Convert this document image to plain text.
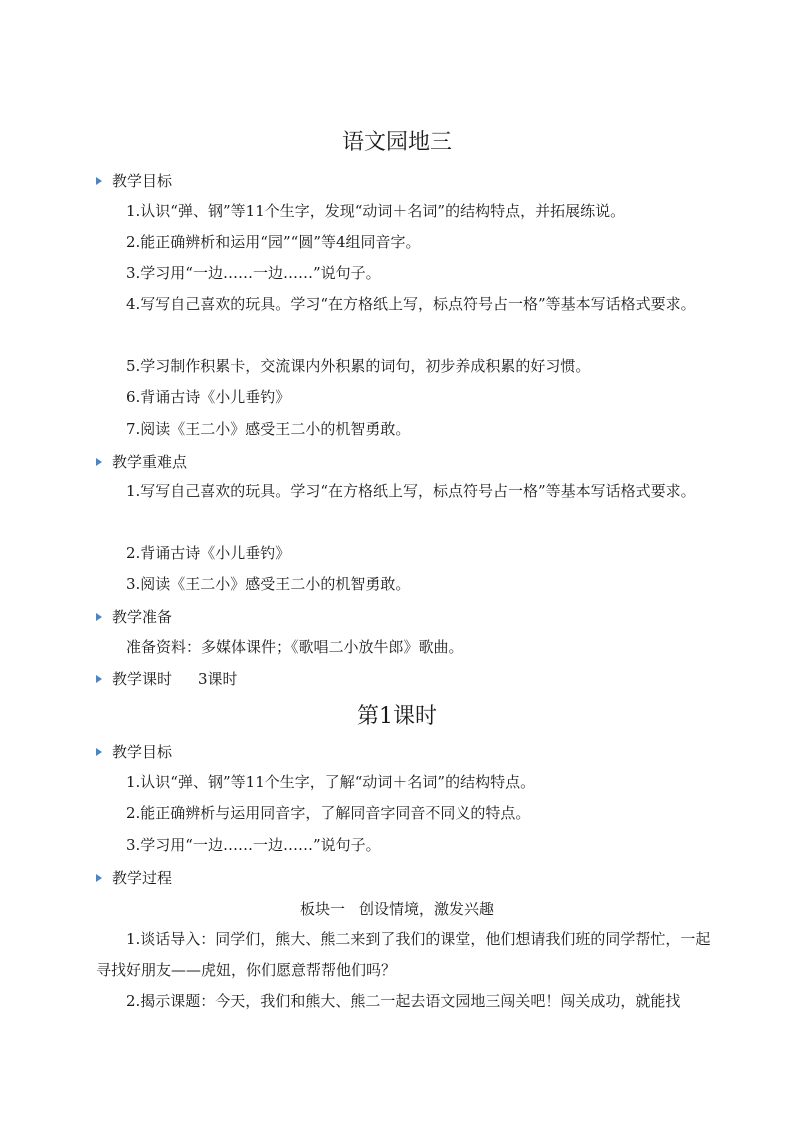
语文园地三
教学目标

1.认识“弹、钢”等11个生字，发现“动词＋名词”的结构特点，并拓展练说。

2.能正确辨析和运用“园”“圆”等4组同音字。

3.学习用“一边……一边……”说句子。

4.写写自己喜欢的玩具。学习“在方格纸上写，标点符号占一格”等基本写话格式要求。

5.学习制作积累卡，交流课内外积累的词句，初步养成积累的好习惯。

6.背诵古诗《小儿垂钓》

7.阅读《王二小》感受王二小的机智勇敢。

教学重难点

1.写写自己喜欢的玩具。学习“在方格纸上写，标点符号占一格”等基本写话格式要求。

2.背诵古诗《小儿垂钓》

3.阅读《王二小》感受王二小的机智勇敢。

教学准备

准备资料：多媒体课件；《歌唱二小放牛郎》歌曲。

教学课时 3课时
第1课时
教学目标

1.认识“弹、钢”等11个生字，了解“动词＋名词”的结构特点。

2.能正确辨析与运用同音字，了解同音字同音不同义的特点。

3.学习用“一边……一边……”说句子。

教学过程
板块一 创设情境，激发兴趣

1.谈话导入：同学们，熊大、熊二来到了我们的课堂，他们想请我们班的同学帮忙，一起寻找好朋友——虎妞，你们愿意帮帮他们吗？

2.揭示课题：今天，我们和熊大、熊二一起去语文园地三闯关吧！闯关成功，就能找
